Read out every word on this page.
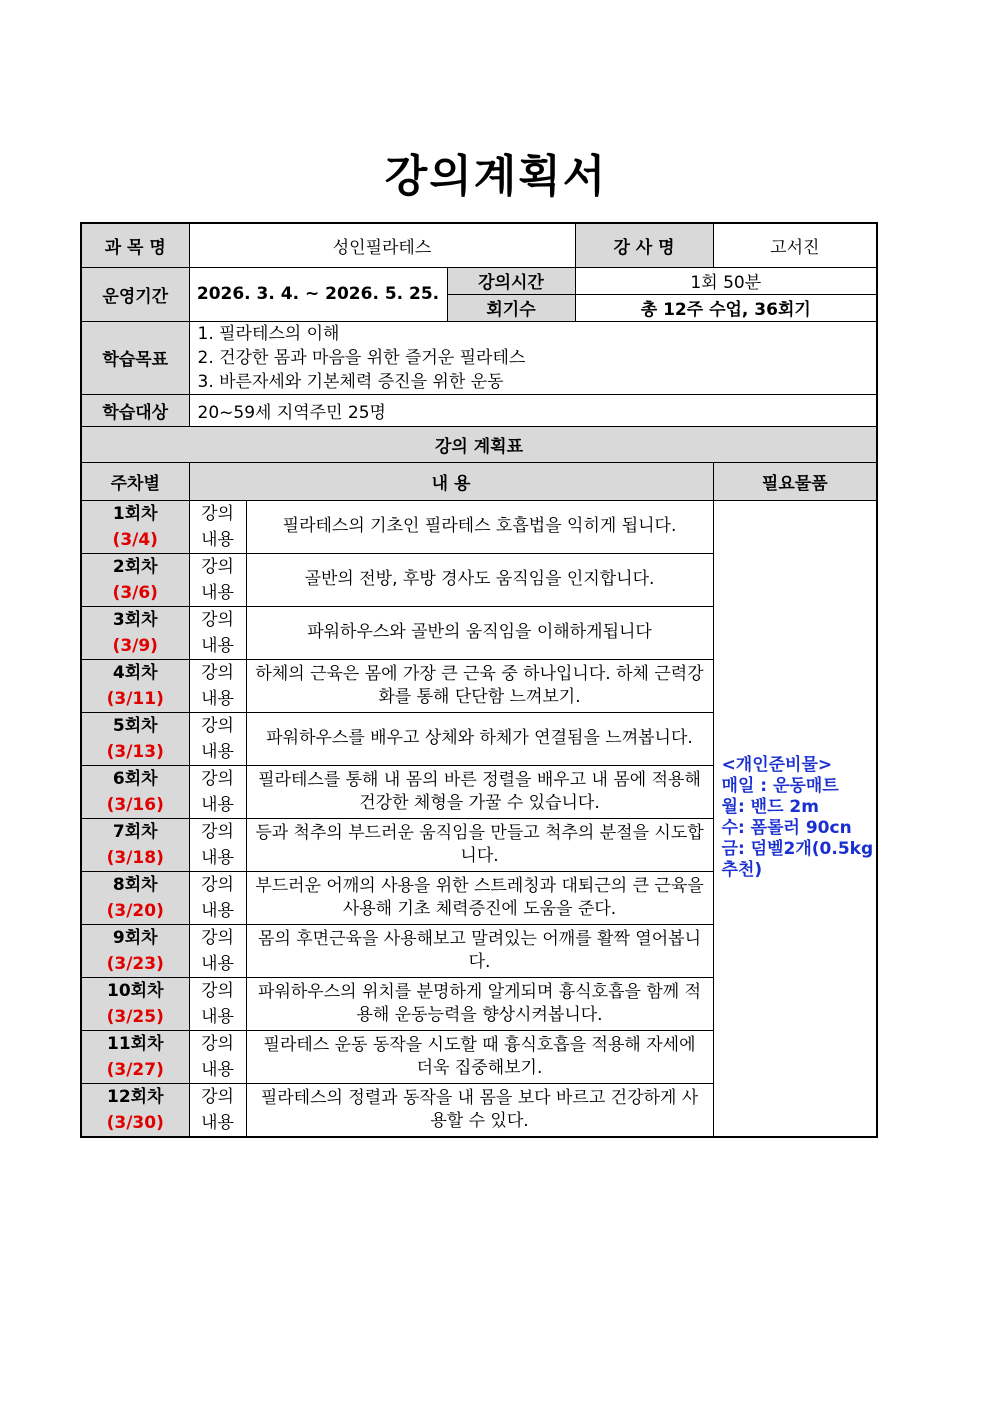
강의계획서
과 목 명	성인필라테스			강 사 명	고서진
운영기간	2026. 3. 4. ~ 2026. 5. 25.		강의시간	1회 50분	
			회기수	총 12주 수업, 36회기	
학습목표	1. 필라테스의 이해
2. 건강한 몸과 마음을 위한 즐거운 필라테스
3. 바른자세와 기본체력 증진을 위한 운동				

학습대상	20~59세 지역주민 25명				
강의 계획표					
주차별	내 용				필요물품

1회차
(3/4)	강의
내용	필라테스의 기초인 필라테스 호흡법을 익히게 됩니다.			<개인준비물>
매일 : 운동매트
월: 밴드 2m
수: 폼롤러 90cn
금: 덤벨2개(0.5kg추천)

2회차
(3/6)	강의
내용	골반의 전방, 후방 경사도 움직임을 인지합니다.			

3회차
(3/9)	강의
내용	파워하우스와 골반의 움직임을 이해하게됩니다			

4회차
(3/11)	강의
내용	하체의 근육은 몸에 가장 큰 근육 중 하나입니다. 하체 근력강화를 통해 단단함 느껴보기.			

5회차
(3/13)	강의
내용	파워하우스를 배우고 상체와 하체가 연결됨을 느껴봅니다.			

6회차
(3/16)	강의
내용	필라테스를 통해 내 몸의 바른 정렬을 배우고 내 몸에 적용해 건강한 체형을 가꿀 수 있습니다.			

7회차
(3/18)	강의
내용	등과 척추의 부드러운 움직임을 만들고 척추의 분절을 시도합니다.			

8회차
(3/20)	강의
내용	부드러운 어깨의 사용을 위한 스트레칭과 대퇴근의 큰 근육을 사용해 기초 체력증진에 도움을 준다.			

9회차
(3/23)	강의
내용	몸의 후면근육을 사용해보고 말려있는 어깨를 활짝 열어봅니다.			

10회차
(3/25)	강의
내용	파워하우스의 위치를 분명하게 알게되며 흉식호흡을 함께 적용해 운동능력을 향상시켜봅니다.			

11회차
(3/27)	강의
내용	필라테스 운동 동작을 시도할 때 흉식호흡을 적용해 자세에 더욱 집중해보기.			

12회차
(3/30)	강의
내용	필라테스의 정렬과 동작을 내 몸을 보다 바르고 건강하게 사용할 수 있다.			
